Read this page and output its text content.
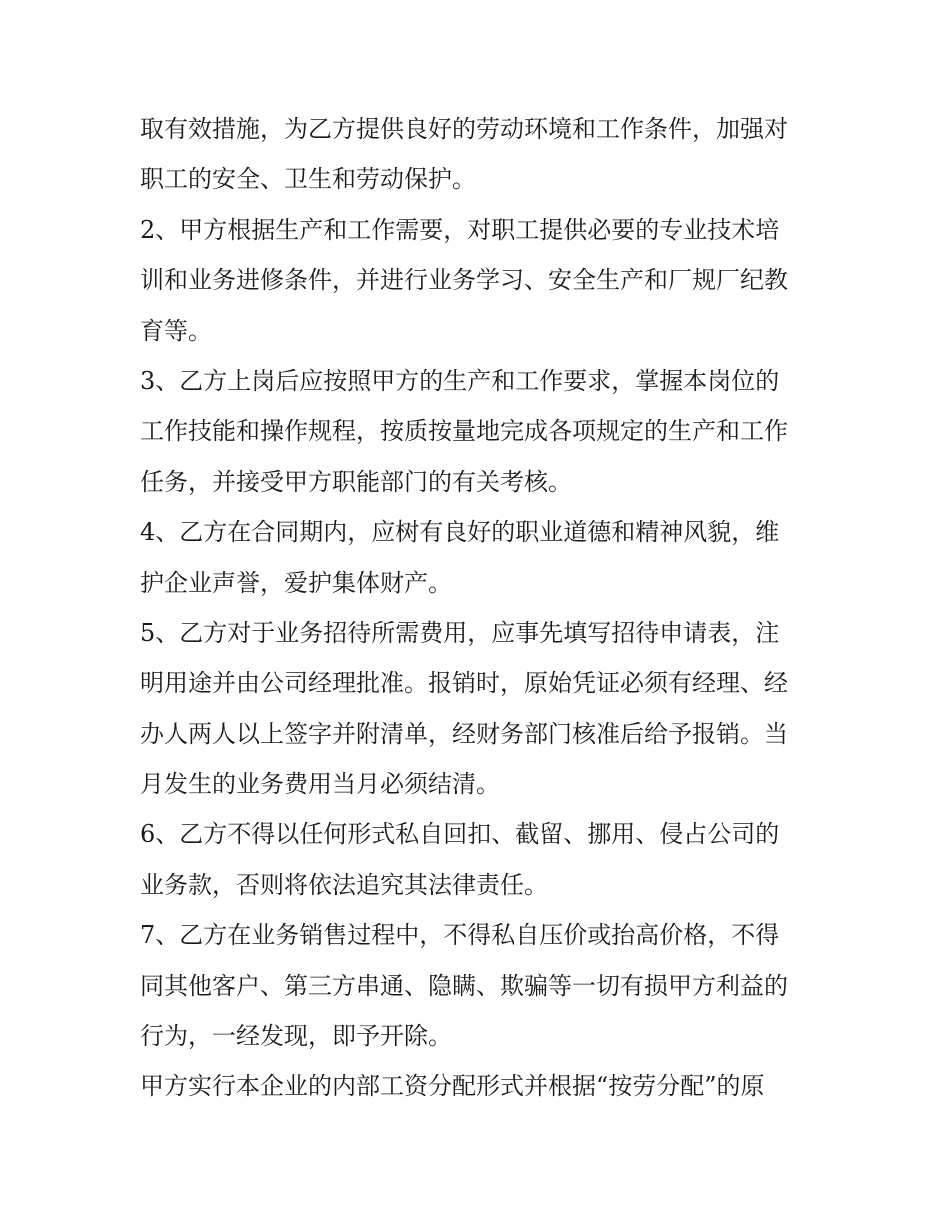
取有效措施，为乙方提供良好的劳动环境和工作条件，加强对
职工的安全、卫生和劳动保护。
2、甲方根据生产和工作需要，对职工提供必要的专业技术培
训和业务进修条件，并进行业务学习、安全生产和厂规厂纪教
育等。
3、乙方上岗后应按照甲方的生产和工作要求，掌握本岗位的
工作技能和操作规程，按质按量地完成各项规定的生产和工作
任务，并接受甲方职能部门的有关考核。
4、乙方在合同期内，应树有良好的职业道德和精神风貌，维
护企业声誉，爱护集体财产。
5、乙方对于业务招待所需费用，应事先填写招待申请表，注
明用途并由公司经理批准。报销时，原始凭证必须有经理、经
办人两人以上签字并附清单，经财务部门核准后给予报销。当
月发生的业务费用当月必须结清。
6、乙方不得以任何形式私自回扣、截留、挪用、侵占公司的
业务款，否则将依法追究其法律责任。
7、乙方在业务销售过程中，不得私自压价或抬高价格，不得
同其他客户、第三方串通、隐瞒、欺骗等一切有损甲方利益的
行为，一经发现，即予开除。
甲方实行本企业的内部工资分配形式并根据“按劳分配”的原
